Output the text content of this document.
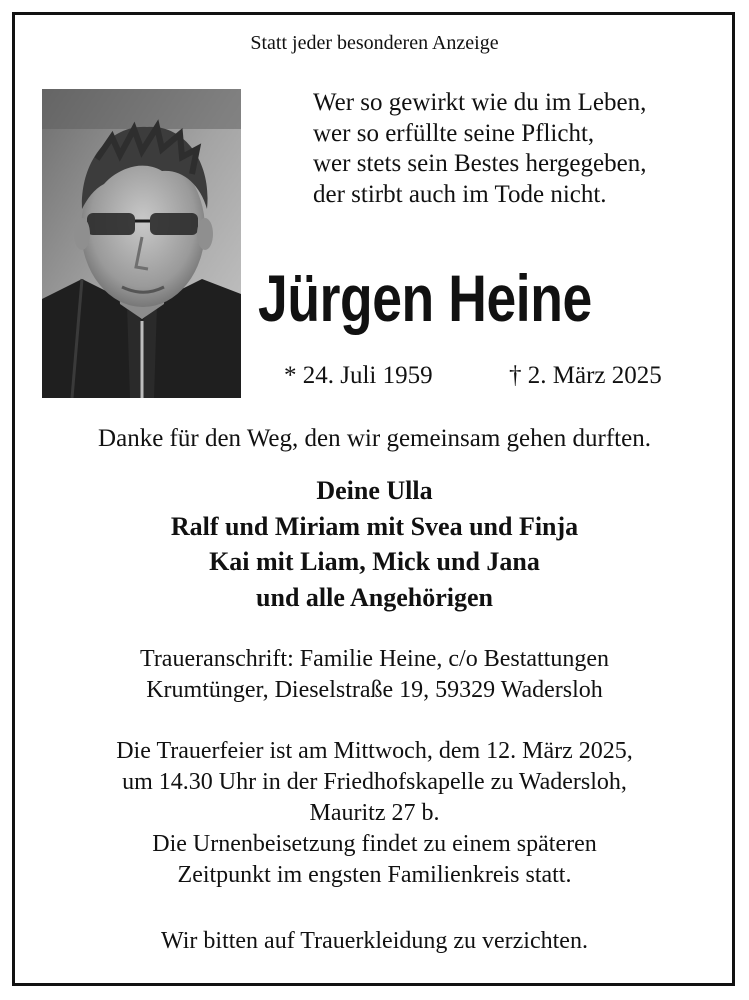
Statt jeder besonderen Anzeige
Wer so gewirkt wie du im Leben,
wer so erfüllte seine Pflicht,
wer stets sein Bestes hergegeben,
der stirbt auch im Tode nicht.
Jürgen Heine
* 24. Juli 1959	† 2. März 2025
Danke für den Weg, den wir gemeinsam gehen durften.
Deine Ulla
Ralf und Miriam mit Svea und Finja
Kai mit Liam, Mick und Jana
und alle Angehörigen
Traueranschrift: Familie Heine, c/o Bestattungen
Krumtünger, Dieselstraße 19, 59329 Wadersloh
Die Trauerfeier ist am Mittwoch, dem 12. März 2025,
um 14.30 Uhr in der Friedhofskapelle zu Wadersloh,
Mauritz 27 b.
Die Urnenbeisetzung findet zu einem späteren
Zeitpunkt im engsten Familienkreis statt.
Wir bitten auf Trauerkleidung zu verzichten.
